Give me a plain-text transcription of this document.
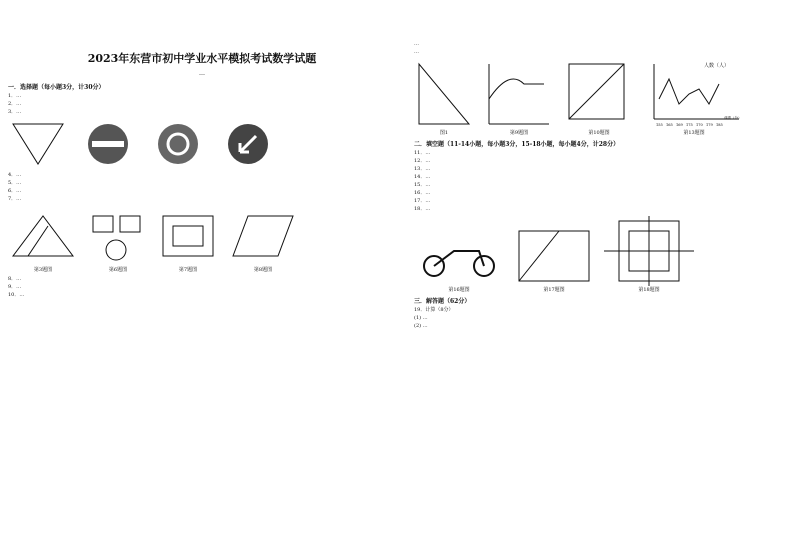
2023年东营市初中学业水平模拟考试数学试题
…
一．选择题（每小题3分，计30分）
1．…
2．…
3．…
4．…
5．…
6．…
7．…
第3题图	第6题图	第7题图	第8题图
8．…
9．…
10．…
…
…
图1	第9题图	第10题图
人数（人）
155 165 169 175 170 179 185
成绩（分）
第13题图
二．填空题（11-14小题，每小题3分，15-18小题，每小题4分，计28分）
11．…
12．…
13．…
14．…
15．…
16．…
17．…
18．…
第16题图	第17题图	第18题图
三．解答题（62分）
19．计算（8分）
(1) …
(2) …
